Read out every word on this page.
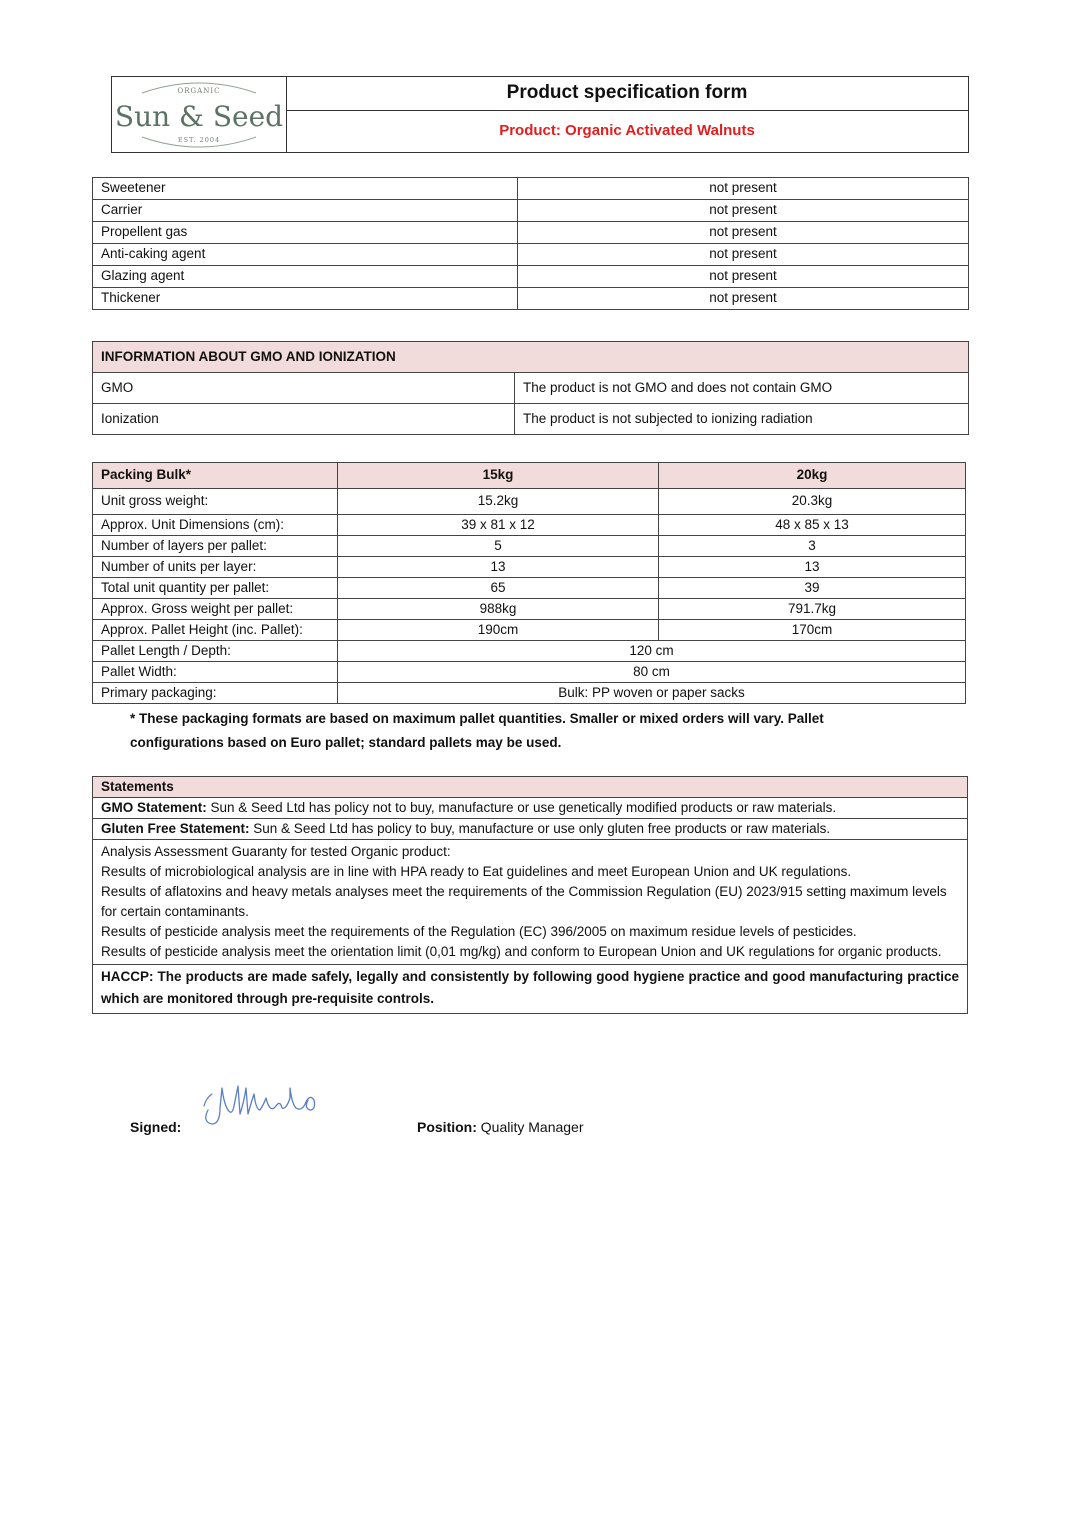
ORGANIC
Sun & Seed
EST. 2004
Product specification form
Product: Organic Activated Walnuts
Sweetener	not present
Carrier	not present
Propellent gas	not present
Anti-caking agent	not present
Glazing agent	not present
Thickener	not present
INFORMATION ABOUT GMO AND IONIZATION	
GMO	The product is not GMO and does not contain GMO
Ionization	The product is not subjected to ionizing radiation
Packing Bulk*	15kg	20kg
Unit gross weight:	15.2kg	20.3kg
Approx. Unit Dimensions (cm):	39 x 81 x 12	48 x 85 x 13
Number of layers per pallet:	5	3
Number of units per layer:	13	13
Total unit quantity per pallet:	65	39
Approx. Gross weight per pallet:	988kg	791.7kg
Approx. Pallet Height (inc. Pallet):	190cm	170cm
Pallet Length / Depth:	120 cm	
Pallet Width:	80 cm	
Primary packaging:	Bulk: PP woven or paper sacks	
* These packaging formats are based on maximum pallet quantities. Smaller or mixed orders will vary. Pallet
configurations based on Euro pallet; standard pallets may be used.
Statements
GMO Statement: Sun & Seed Ltd has policy not to buy, manufacture or use genetically modified products or raw materials.
Gluten Free Statement: Sun & Seed Ltd has policy to buy, manufacture or use only gluten free products or raw materials.

Analysis Assessment Guaranty for tested Organic product:
Results of microbiological analysis are in line with HPA ready to Eat guidelines and meet European Union and UK regulations.
Results of aflatoxins and heavy metals analyses meet the requirements of the Commission Regulation (EU) 2023/915 setting maximum levels for certain contaminants.
Results of pesticide analysis meet the requirements of the Regulation (EC) 396/2005 on maximum residue levels of pesticides.
Results of pesticide analysis meet the orientation limit (0,01 mg/kg) and conform to European Union and UK regulations for organic products.

HACCP: The products are made safely, legally and consistently by following good hygiene practice and good manufacturing practice which are monitored through pre-requisite controls.
Signed:	Position: Quality Manager
